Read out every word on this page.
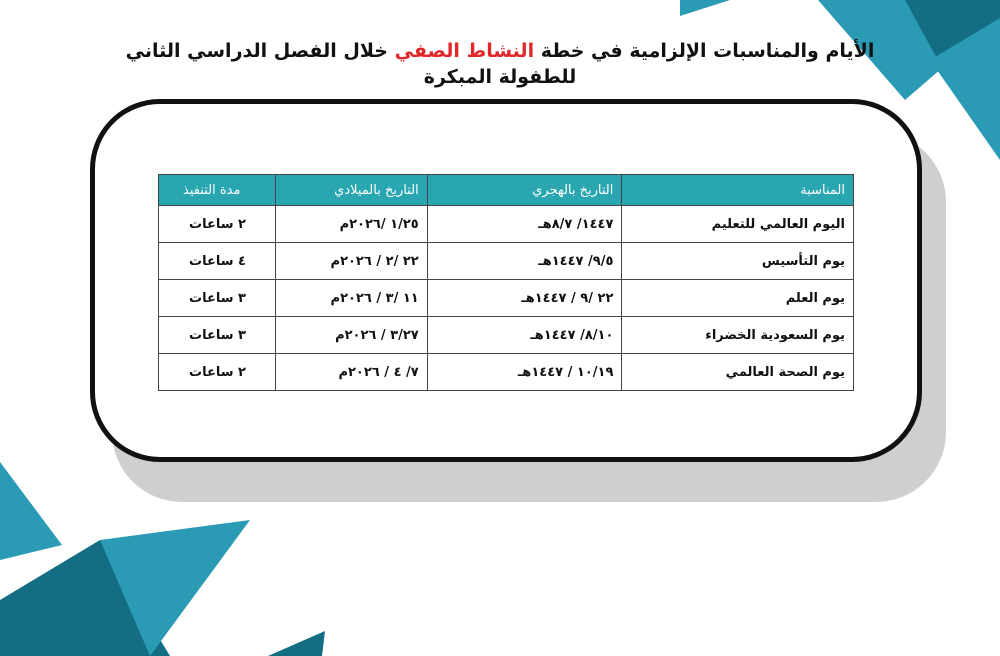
الأيام والمناسبات الإلزامية في خطة النشاط الصفي خلال الفصل الدراسي الثاني
للطفولة المبكرة
المناسبة	التاريخ بالهجري	التاريخ بالميلادي	مدة التنفيذ
اليوم العالمي للتعليم	١٤٤٧/ ٨/٧هـ	١/٢٥ /٢٠٢٦م	٢ ساعات
يوم التأسيس	٩/٥/ ١٤٤٧هـ	٢٢ /٢ / ٢٠٢٦م	٤ ساعات
يوم العلم	٢٢ /٩ / ١٤٤٧هـ	١١ /٣ / ٢٠٢٦م	٣ ساعات
يوم السعودية الخضراء	٨/١٠/ ١٤٤٧هـ	٣/٢٧ / ٢٠٢٦م	٣ ساعات
يوم الصحة العالمي	١٠/١٩ / ١٤٤٧هـ	٧/ ٤ / ٢٠٢٦م	٢ ساعات
